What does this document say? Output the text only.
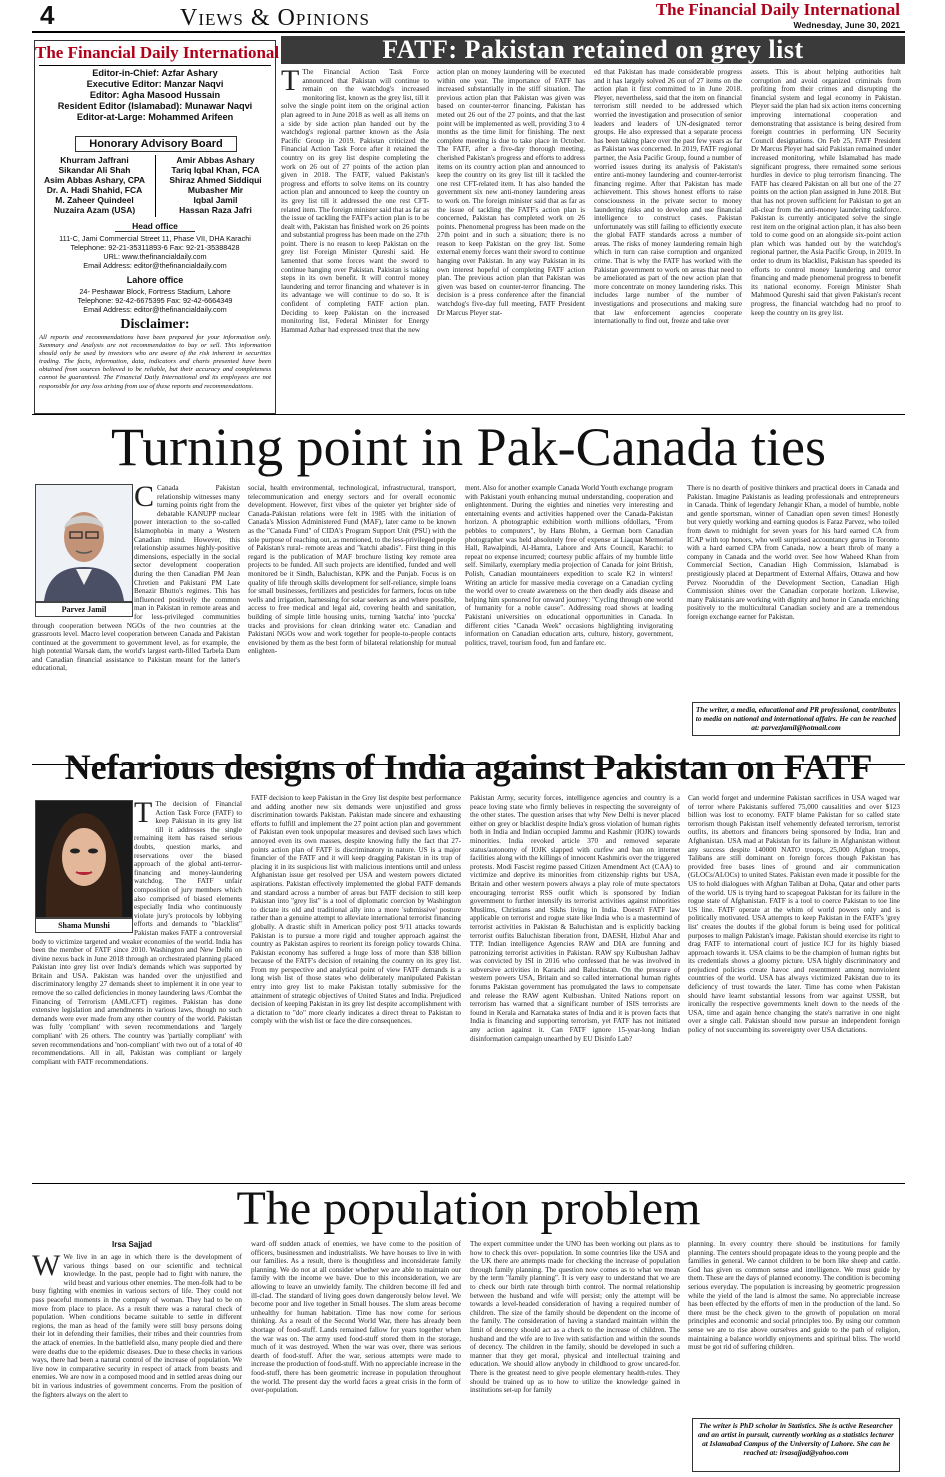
4	Views & Opinions	The Financial Daily International
Wednesday, June 30, 2021
The Financial Daily International
Editor-in-Chief: Azfar Ashary
Executive Editor: Manzar Naqvi
Editor: Agha Masood Hussain
Resident Editor (Islamabad): Munawar Naqvi
Editor-at-Large: Mohammed Arifeen
Honorary Advisory Board
Khurram Jaffrani
Sikandar Ali Shah
Asim Abbas Ashary, CPA
Dr. A. Hadi Shahid, FCA
M. Zaheer Quindeel
Nuzaira Azam (USA)
Amir Abbas Ashary
Tariq Iqbal Khan, FCA
Shiraz Ahmed Siddiqui
Mubasher Mir
Iqbal Jamil
Hassan Raza Jafri
Head office
111-C, Jami Commercial Street 11, Phase VII, DHA Karachi
Telephone: 92-21-35311893-6 Fax: 92-21-35388428
URL: www.thefinancialdaily.com
Email Address: editor@thefinancialdaily.com
Lahore office
24- Peshawar Block, Fortress Stadium, Lahore
Telephone: 92-42-6675395 Fax: 92-42-6664349
Email Address: editor@thefinancialdaily.com
Disclaimer:
All reports and recommendations have been prepared for your information only. Summary and Analysis are not recommendation to buy or sell. This information should only be used by investors who are aware of the risk inherent in securities trading. The facts, information, data, indicators and charts presented have been obtained from sources believed to be reliable, but their accuracy and completeness cannot be guaranteed. The Financial Daily International and its employees are not responsible for any loss arising from use of these reports and recommendations.
FATF: Pakistan retained on grey list
T The Financial Action Task Force announced that Pakistan will continue to remain on the watchdog's increased monitoring list, known as the grey list, till it solve the single point item on the original action plan agreed to in June 2018 as well as all items on a side by side action plan handed out by the watchdog's regional partner known as the Asia Pacific Group in 2019. Pakistan criticized the Financial Action Task Force after it retained the country on its grey list despite completing the work on 26 out of 27 points of the action plan given in 2018. The FATF, valued Pakistan's progress and efforts to solve items on its country action plan and announced to keep the country on its grey list till it addressed the one rest CFT-related item. The foreign minister said that as far as the issue of tackling the FATF's action plan is to be dealt with, Pakistan has finished work on 26 points and substantial progress has been made on the 27th point. There is no reason to keep Pakistan on the grey list Foreign Minister Qureshi said. He lamented that some forces want the sword to continue hanging over Pakistan. Pakistan is taking steps in its own benefit. It will control money laundering and terror financing and whatever is in its advantage we will continue to do so. It is confident of completing FATF action plan. Deciding to keep Pakistan on the increased monitoring list, Federal Minister for Energy Hammad Azhar had expressed trust that the new
action plan on money laundering will be executed within one year. The importance of FATF has increased substantially in the stiff situation. The previous action plan that Pakistan was given was based on counter-terror financing. Pakistan has meted out 26 out of the 27 points, and that the last point will be implemented as well, providing 3 to 4 months as the time limit for finishing. The next complete meeting is due to take place in October. The FATF, after a five-day thorough meeting, cherished Pakistan's progress and efforts to address items on its country action plan and announced to keep the country on its grey list till it tackled the one rest CFT-related item. It has also handed the government six new anti-money laundering areas to work on. The foreign minister said that as far as the issue of tackling the FATF's action plan is concerned, Pakistan has completed work on 26 points. Phenomenal progress has been made on the 27th point and in such a situation; there is no reason to keep Pakistan on the grey list. Some external enemy forces want their sword to continue hanging over Pakistan. In any way Pakistan in its own interest hopeful of completing FATF action plan. The previous action plan that Pakistan was given was based on counter-terror financing. The decision is a press conference after the financial watchdog's five-day full meeting, FATF President Dr Marcus Pleyer stat-
ed that Pakistan has made considerable progress and it has largely solved 26 out of 27 items on the action plan it first committed to in June 2018. Pleyer, nevertheless, said that the item on financial terrorism still needed to be addressed which worried the investigation and prosecution of senior leaders and leaders of UN-designated terror groups. He also expressed that a separate process has been taking place over the past few years as far as Pakistan was concerned. In 2019, FATF regional partner, the Asia Pacific Group, found a number of worried issues during its analysis of Pakistan's entire anti-money laundering and counter-terrorist financing regime. After that Pakistan has made achievement. This shows honest efforts to raise consciousness in the private sector to money laundering risks and to develop and use financial intelligence to construct cases. Pakistan unfortunately was still failing to efficiently execute the global FATF standards across a number of areas. The risks of money laundering remain high which in turn can raise corruption and organized crime. That is why the FATF has worked with the Pakistan government to work on areas that need to be ameliorated as part of the new action plan that more concentrate on money laundering risks. This includes large number of the number of investigations and prosecutions and making sure that law enforcement agencies cooperate internationally to find out, freeze and take over
assets. This is about helping authorities halt corruption and avoid organized criminals from profiting from their crimes and disrupting the financial system and legal economy in Pakistan. Pleyer said the plan had six action items concerning improving international cooperation and demonstrating that assistance is being desired from foreign countries in performing UN Security Council designations. On Feb 25, FATF President Dr Marcus Pleyer had said Pakistan remained under increased monitoring, while Islamabad has made significant progress, there remained some serious hurdles in device to plug terrorism financing. The FATF has cleared Pakistan on all but one of the 27 points on the action plan assigned in June 2018. But that has not proven sufficient for Pakistan to get an all-clear from the anti-money laundering taskforce. Pakistan is currently anticipated solve the single rest item on the original action plan, it has also been told to come good on an alongside six-point action plan which was handed out by the watchdog's regional partner, the Asia Pacific Group, in 2019. In order to drum its blacklist, Pakistan has speeded its efforts to control money laundering and terror financing and made phenomenal progress to benefit its national economy. Foreign Minister Shah Mahmood Qureshi said that given Pakistan's recent progress, the financial watchdog had no proof to keep the country on its grey list.
Turning point in Pak-Canada ties
Parvez Jamil
C Canada Pakistan relationship witnesses many turning points right from the debatable KANUPP nuclear power interaction to the so-called Islamophobia in many a Western Canadian mind. However, this relationship assumes highly-positive dimensions, especially in the social sector development cooperation during the then Canadian PM Jean Chretien and Pakistani PM Late Benazir Bhutto's regimes. This has influenced positively the common man in Pakistan in remote areas and for less-privileged communities through cooperation between NGOs of the two countries at the grassroots level. Macro level cooperation between Canada and Pakistan continued at the government to government level, as for example, the high potential Warsak dam, the world's largest earth-filled Tarbela Dam and Canadian financial assistance to Pakistan meant for the latter's educational,
social, health environmental, technological, infrastructural, transport, telecommunication and energy sectors and for overall economic development. However, first vibes of the quieter yet brighter side of Canada-Pakistan relations were felt in 1985 with the initiation of Canada's Mission Administered Fund (MAF), later came to be known as the "Canada Fund" of CIDA's Program Support Unit (PSU) with the sole purpose of reaching out, as mentioned, to the less-privileged people of Pakistan's rural- remote areas and "katchi abadis". First thing in this regard is the publication of MAF brochure listing key remote area projects to be funded. All such projects are identified, funded and well monitored be it Sindh, Baluchistan, KPK and the Punjab. Focus is on quality of life through skills development for self-reliance, simple loans for small businesses, fertilizers and pesticides for farmers, focus on tube wells and irrigation, harnessing for solar seekers as and where possible, access to free medical and legal aid, covering health and sanitation, building of simple little housing units, turning 'katcha' into 'puccka' tracks and provisions for clean drinking water etc. Canadian and Pakistani NGOs wow and work together for people-to-people contacts envisioned by them as the best form of bilateral relationship for mutual enlighten-
ment. Also for another example Canada World Youth exchange program with Pakistani youth enhancing mutual understanding, cooperation and enlightenment. During the eighties and nineties very interesting and entertaining events and activities happened over the Canada-Pakistan horizon. A photographic exhibition worth millions ofdollars, "From pebbles to computers", by Hans Blohm, a German born Canadian photographer was held absolutely free of expense at Liaquat Memorial Hall, Rawalpindi, Al-Hamra, Lahore and Arts Council, Karachi: to repeat no expense incurred; courtesy public affairs of my humble little self. Similarly, exemplary media projection of Canada for joint British, Polish, Canadian mountaineers expedition to scale K2 in winters! Writing an article for massive media coverage on a Canadian cycling the world over to create awareness on the then deadly aids disease and helping him sponsored for onward journey: "Cycling through one world of humanity for a noble cause". Addressing road shows at leading Pakistani universities on educational opportunities in Canada. In different cities "Canada Week" occasions highlighting invigorating information on Canadian education arts, culture, history, government, politics, travel, tourism food, fun and fanfare etc.
There is no dearth of positive thinkers and practical doers in Canada and Pakistan. Imagine Pakistanis as leading professionals and entrepreneurs in Canada. Think of legendary Jehangir Khan, a model of humble, noble and gentle sportsman, winner of Canadian open seven times! Honestly but very quietly working and earning quodos is Faraz Parvez, who toiled from dawn to midnight for seven years for his hard earned CA from ICAP with top honors, who well surprised accountancy gurus in Toronto with a hard earned CPA from Canada, now a heart throb of many a company in Canada and the world over. See how Waheed Khan from Commercial Section, Canadian High Commission, Islamabad is prestigiously placed at Department of External Affairs, Ottawa and how Pervez Nooruddin of the Development Section, Canadian High Commission shines over the Canadian corporate horizon. Likewise, many Pakistanis are working with dignity and honor in Canada enriching positively to the multicultural Canadian society and are a tremendous foreign exchange earner for Pakistan.
The writer, a media, educational and PR professional, contributes to media on national and international affairs. He can be reached at: parvezjamil@hotmail.com
Nefarious designs of India against Pakistan on FATF
Shama Munshi
T The decision of Financial Action Task Force (FATF) to keep Pakistan in its grey list till it addresses the single remaining item has raised serious doubts, question marks, and reservations over the biased approach of the global anti-terror-financing and money-laundering watchdog. The FATF unfair composition of jury members which also comprised of biased elements especially India who continuously violate jury's protocols by lobbying efforts and demands to "blacklist" Pakistan makes FATF a controversial body to victimize targeted and weaker economies of the world. India has been the member of FATF since 2010. Washington and New Delhi on divine nexus back in June 2018 through an orchestrated planning placed Pakistan into grey list over India's demands which was supported by Britain and USA. Pakistan was handed over the unjustified and discriminatory lengthy 27 demands sheet to implement it in one year to remove the so called deficiencies in money laundering laws /Combat the Financing of Terrorism (AML/CFT) regimes. Pakistan has done extensive legislation and amendments in various laws, though no such demands were ever made from any other country of the world. Pakistan was fully 'compliant' with seven recommendations and 'largely compliant' with 26 others. The country was 'partially compliant' with seven recommendations and 'non-compliant' with two out of a total of 40 recommendations. All in all, Pakistan was compliant or largely compliant with FATF recommendations.
FATF decision to keep Pakistan in the Grey list despite best performance and adding another new six demands were unjustified and gross discrimination towards Pakistan. Pakistan made sincere and exhausting efforts to fulfill and implement the 27 point action plan and government of Pakistan even took unpopular measures and devised such laws which annoyed even its own masses, despite knowing fully the fact that 27-points action plan of FATF is discriminatory in nature. US is a major financier of the FATF and it will keep dragging Pakistan in its trap of placing it in its suspicious list with malicious intentions until and unless Afghanistan issue get resolved per USA and western powers dictated aspirations. Pakistan effectively implemented the global FATF demands and standard across a number of areas but FATF decision to still keep Pakistan into "grey list" is a tool of diplomatic coercion by Washington to dictate its old and traditional ally into a more 'submissive' posture rather than a genuine attempt to alleviate international terrorist financing globally. A drastic shift in American policy post 9/11 attacks towards Pakistan is to pursue a more rigid and tougher approach against the country as Pakistan aspires to reorient its foreign policy towards China. Pakistan economy has suffered a huge loss of more than $38 billion because of the FATF's decision of retaining the country on its grey list. From my perspective and analytical point of view FATF demands is a long wish list of those states who deliberately manipulated Pakistan entry into grey list to make Pakistan totally submissive for the attainment of strategic objectives of United States and India. Prejudiced decision of keeping Pakistan in its grey list despite accomplishment with a dictation to "do" more clearly indicates a direct threat to Pakistan to comply with the wish list or face the dire consequences.
Pakistan Army, security forces, intelligence agencies and country is a peace loving state who firmly believes in respecting the sovereignty of the other states. The question arises that why New Delhi is never placed either on grey or blacklist despite India's gross violation of human rights both in India and Indian occupied Jammu and Kashmir (IOJK) towards minorities. India revoked article 370 and removed separate status/autonomy of IOJK slapped with curfew and ban on internet facilities along with the killings of innocent Kashmiris over the triggered protests. Modi Fascist regime passed Citizen Amendment Act (CAA) to victimize and deprive its minorities from citizenship rights but USA, Britain and other western powers always a play role of mute spectators encouraging terrorist RSS outfit which is sponsored by Indian government to further intensify its terrorist activities against minorities Muslims, Christians and Sikhs living in India. Doesn't FATF law applicable on terrorist and rogue state like India who is a mastermind of terrorist activities in Pakistan & Baluchistan and is explicitly backing terrorist outfits Baluchistan liberation front, DAESH, Hizbul Ahar and TTP. Indian intelligence Agencies RAW and DIA are funning and patronizing terrorist activities in Pakistan. RAW spy Kulbushan Jadhav was convicted by ISI in 2016 who confessed that he was involved in subversive activities in Karachi and Baluchistan. On the pressure of western powers USA, Britain and so called international human rights forums Pakistan government has promulgated the laws to compensate and release the RAW agent Kulbushan. United Nations report on terrorism has warned that a significant number of ISIS terrorists are found in Kerala and Karnataka states of India and it is proven facts that India is financing and supporting terrorism, yet FATF has not initiated any action against it. Can FATF ignore 15-year-long Indian disinformation campaign unearthed by EU Disinfo Lab?
Can world forget and undermine Pakistan sacrifices in USA waged war of terror where Pakistanis suffered 75,000 causalities and over $123 billion was lost to economy. FATF blame Pakistan for so called state terrorism though Pakistan itself vehemently defeated terrorism, terrorist outfits, its abettors and financers being sponsored by India, Iran and Afghanistan. USA mad at Pakistan for its failure in Afghanistan without any success despite 140000 NATO troops, 25,000 Afghan troops, Talibans are still dominant on foreign forces though Pakistan has provided free bases lines of ground and air communication (GLOCs/ALOCs) to united States. Pakistan even made it possible for the US to hold dialogues with Afghan Taliban at Doha, Qatar and other parts of the world. US is trying hard to scapegoat Pakistan for its failure in the rogue state of Afghanistan. FATF is a tool to coerce Pakistan to toe line US line. FATF operate at the whim of world powers only and is politically motivated. USA attempts to keep Pakistan in the FATF's 'grey list' creates the doubts if the global forum is being used for political purposes to malign Pakistan's image. Pakistan should exercise its right to drag FATF to international court of justice ICJ for its highly biased approach towards it. USA claims to be the champion of human rights but its credentials shows a gloomy picture. USA highly discriminatory and prejudiced policies create havoc and resentment among nonviolent countries of the world. USA has always victimized Pakistan due to its deficiency of trust towards the later. Time has come when Pakistan should have learnt substantial lessons from war against USSR, but ironically the respective governments knelt down to the needs of the USA, time and again hence changing the state's narrative in one night over a single call. Pakistan should now pursue an independent foreign policy of not succumbing its sovereignty over USA dictations.
The population problem
Irsa Sajjad
W We live in an age in which there is the development of various things based on our scientific and technical knowledge. In the past, people had to fight with nature, the wild beast and various other enemies. The men-folk had to be busy fighting with enemies in various sectors of life. They could not pass peaceful moments in the company of woman. They had to be on move from place to place. As a result there was a natural check of population. When conditions became suitable to settle in different regions, the man as head of the family were still busy persons doing their lot in defending their families, their tribes and their countries from the attack of enemies. In the battlefield also, many people died and there were deaths due to the epidemic diseases. Due to these checks in various ways, there had been a natural control of the increase of population. We live now in comparative security in respect of attack from beasts and enemies. We are now in a composed mood and in settled areas doing our bit in various industries of government concerns. From the position of the fighters always on the alert to
ward off sudden attack of enemies, we have come to the position of officers, businessmen and industrialists. We have houses to live in with our families. As a result, there is thoughtless and inconsiderate family planning. We do not at all consider whether we are able to maintain our family with the income we have. Due to this inconsideration, we are allowing to leave an unwieldy family. The children become ill fed and ill-clad. The standard of living goes down dangerously below level. We become poor and live together in Small houses. The slum areas become unhealthy for human habitation. Time has now come for serious thinking. As a result of the Second World War, there has already been shortage of food-stuff. Lands remained fallow for years together when the war was on. The army used food-stuff stored them in the storage, much of it was destroyed. When the war was over, there was serious dearth of food-stuff. After the war, serious attempts were made to increase the production of food-stuff. With no appreciable increase in the food-stuff, there has been geometric increase in population throughout the world. The present day the world faces a great crisis in the form of over-population.
The expert committee under the UNO has been working out plans as to how to check this over- population. In some countries like the USA and the UK there are attempts made for checking the increase of population through family planning. The question now comes as to what we mean by the term "family planning". It is very easy to understand that we are to check our birth rate through birth control. The normal relationship between the husband and wife will persist; only the attempt will be towards a level-headed consideration of having a required number of children. The size of the family should be dependent on the income of the family. The consideration of having a standard maintain within the limit of decency should act as a check to the increase of children. The husband and the wife are to live with satisfaction and within the sounds of decency. The children in the family, should be developed in such a manner that they get moral, physical and intellectual training and education. We should allow anybody in childhood to grow uncared-for. There is the greatest need to give people elementary health-rules. They should be trained up as to how to utilize the knowledge gained in institutions set-up for family
planning. In every country there should be institutions for family planning. The centers should propagate ideas to the young people and the families in general. We cannot children to be born like sheep and cattle. God has given us common sense and intelligence. We must guide by them. These are the days of planned economy. The condition is becoming serious everyday. The population is increasing by geometric progression while the yield of the land is almost the same. No appreciable increase has been effected by the efforts of men in the production of the land. So there must be the check given to the growth of population on moral principles and economic and social principles too. By using our common sense we are to rise above ourselves and guide to the path of religion, maintaining a balance worldly enjoyments and spiritual bliss. The world must be got rid of suffering children.
The writer is PhD scholar in Statistics. She is active Researcher and an artist in pursuit, currently working as a statistics lecturer at Islamabad Campus of the University of Lahore. She can be reached at: irsasajjad@yahoo.com
